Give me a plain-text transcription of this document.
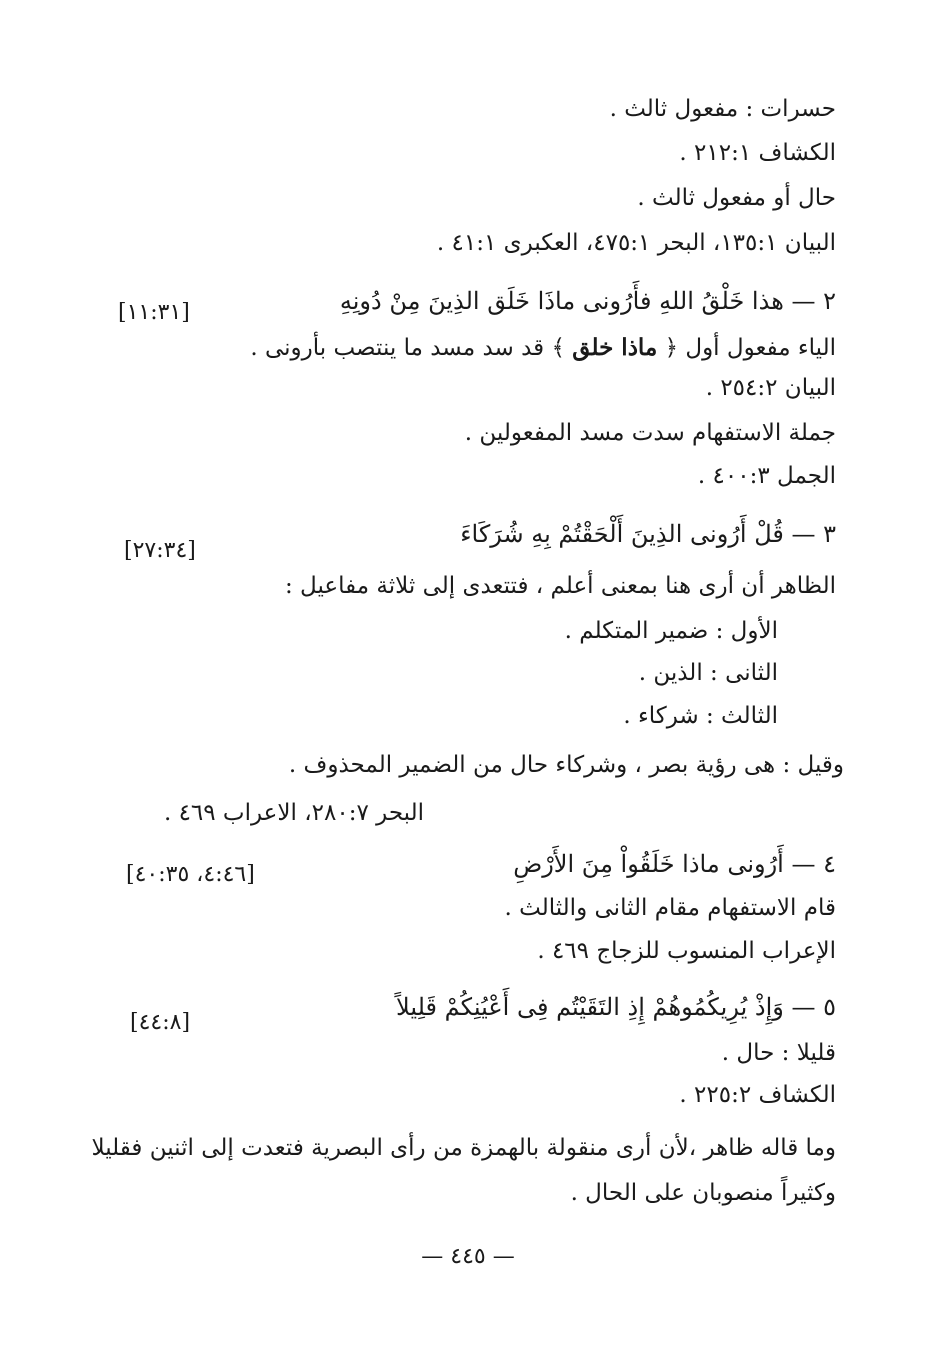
حسرات : مفعول ثالث .
الكشاف ٢١٢:١ .
حال أو مفعول ثالث .
البيان ١٣٥:١، البحر ٤٧٥:١، العكبرى ٤١:١ .
٢ — هذا خَلْقُ اللهِ فأَرُونى ماذَا خَلَق الذِينَ مِنْ دُونِهِ
[١١:٣١]
الياء مفعول أول ﴿ ماذا خلق ﴾ قد سد مسد ما ينتصب بأرونى .
البيان ٢٥٤:٢ .
جملة الاستفهام سدت مسد المفعولين .
الجمل ٤٠٠:٣ .
٣ — قُلْ أَرُونى الذِينَ أَلْحَقْتُمْ بِهِ شُرَكَاءَ
[٢٧:٣٤]
الظاهر أن أرى هنا بمعنى أعلم ، فتتعدى إلى ثلاثة مفاعيل :
الأول : ضمير المتكلم .
الثانى : الذين .
الثالث : شركاء .
وقيل : هى رؤية بصر ، وشركاء حال من الضمير المحذوف .
البحر ٢٨٠:٧، الاعراب ٤٦٩ .
٤ — أَرُونى ماذا خَلَقُواْ مِنَ الأَرْضِ
[٤:٤٦، ٤٠:٣٥]
قام الاستفهام مقام الثانى والثالث .
الإعراب المنسوب للزجاج ٤٦٩ .
٥ — وَإِذْ يُرِيكُمُوهُمْ إِذِ التَقَيْتُم فِى أَعْيُنِكُمْ قَلِيلاً
[٤٤:٨]
قليلا : حال .
الكشاف ٢٢٥:٢ .
وما قاله ظاهر ،لأن أرى منقولة بالهمزة من رأى البصرية فتعدت إلى اثنين فقليلا
وكثيراً منصوبان على الحال .
— ٤٤٥ —
